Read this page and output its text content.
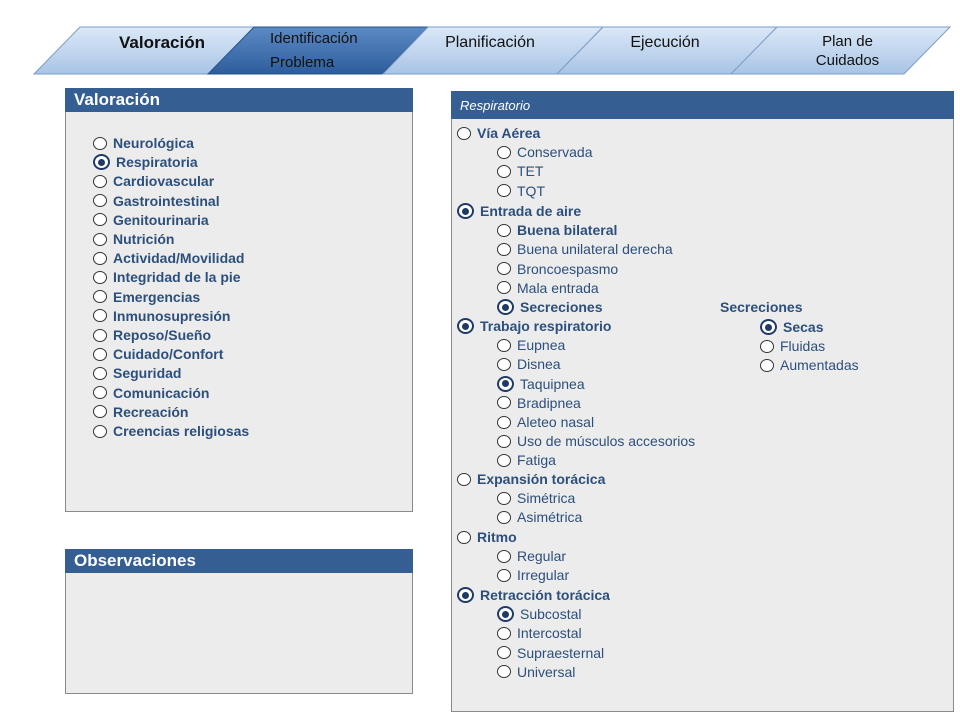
Valoración	Identificación
Problema
Planificación	Ejecución	Plan de
Cuidados
Valoración
Neurológica
Respiratoria
Cardiovascular
Gastrointestinal
Genitourinaria
Nutrición
Actividad/Movilidad
Integridad de la pie
Emergencias
Inmunosupresión
Reposo/Sueño
Cuidado/Confort
Seguridad
Comunicación
Recreación
Creencias religiosas
Observaciones
Respiratorio
Vía Aérea
Conservada
TET
TQT
Entrada de aire
Buena bilateral
Buena unilateral derecha
Broncoespasmo
Mala entrada
Secreciones
Trabajo respiratorio
Eupnea
Disnea
Taquipnea
Bradipnea
Aleteo nasal
Uso de músculos accesorios
Fatiga
Expansión torácica
Simétrica
Asimétrica
Ritmo
Regular
Irregular
Retracción torácica
Subcostal
Intercostal
Supraesternal
Universal
Secreciones
Secas
Fluidas
Aumentadas
